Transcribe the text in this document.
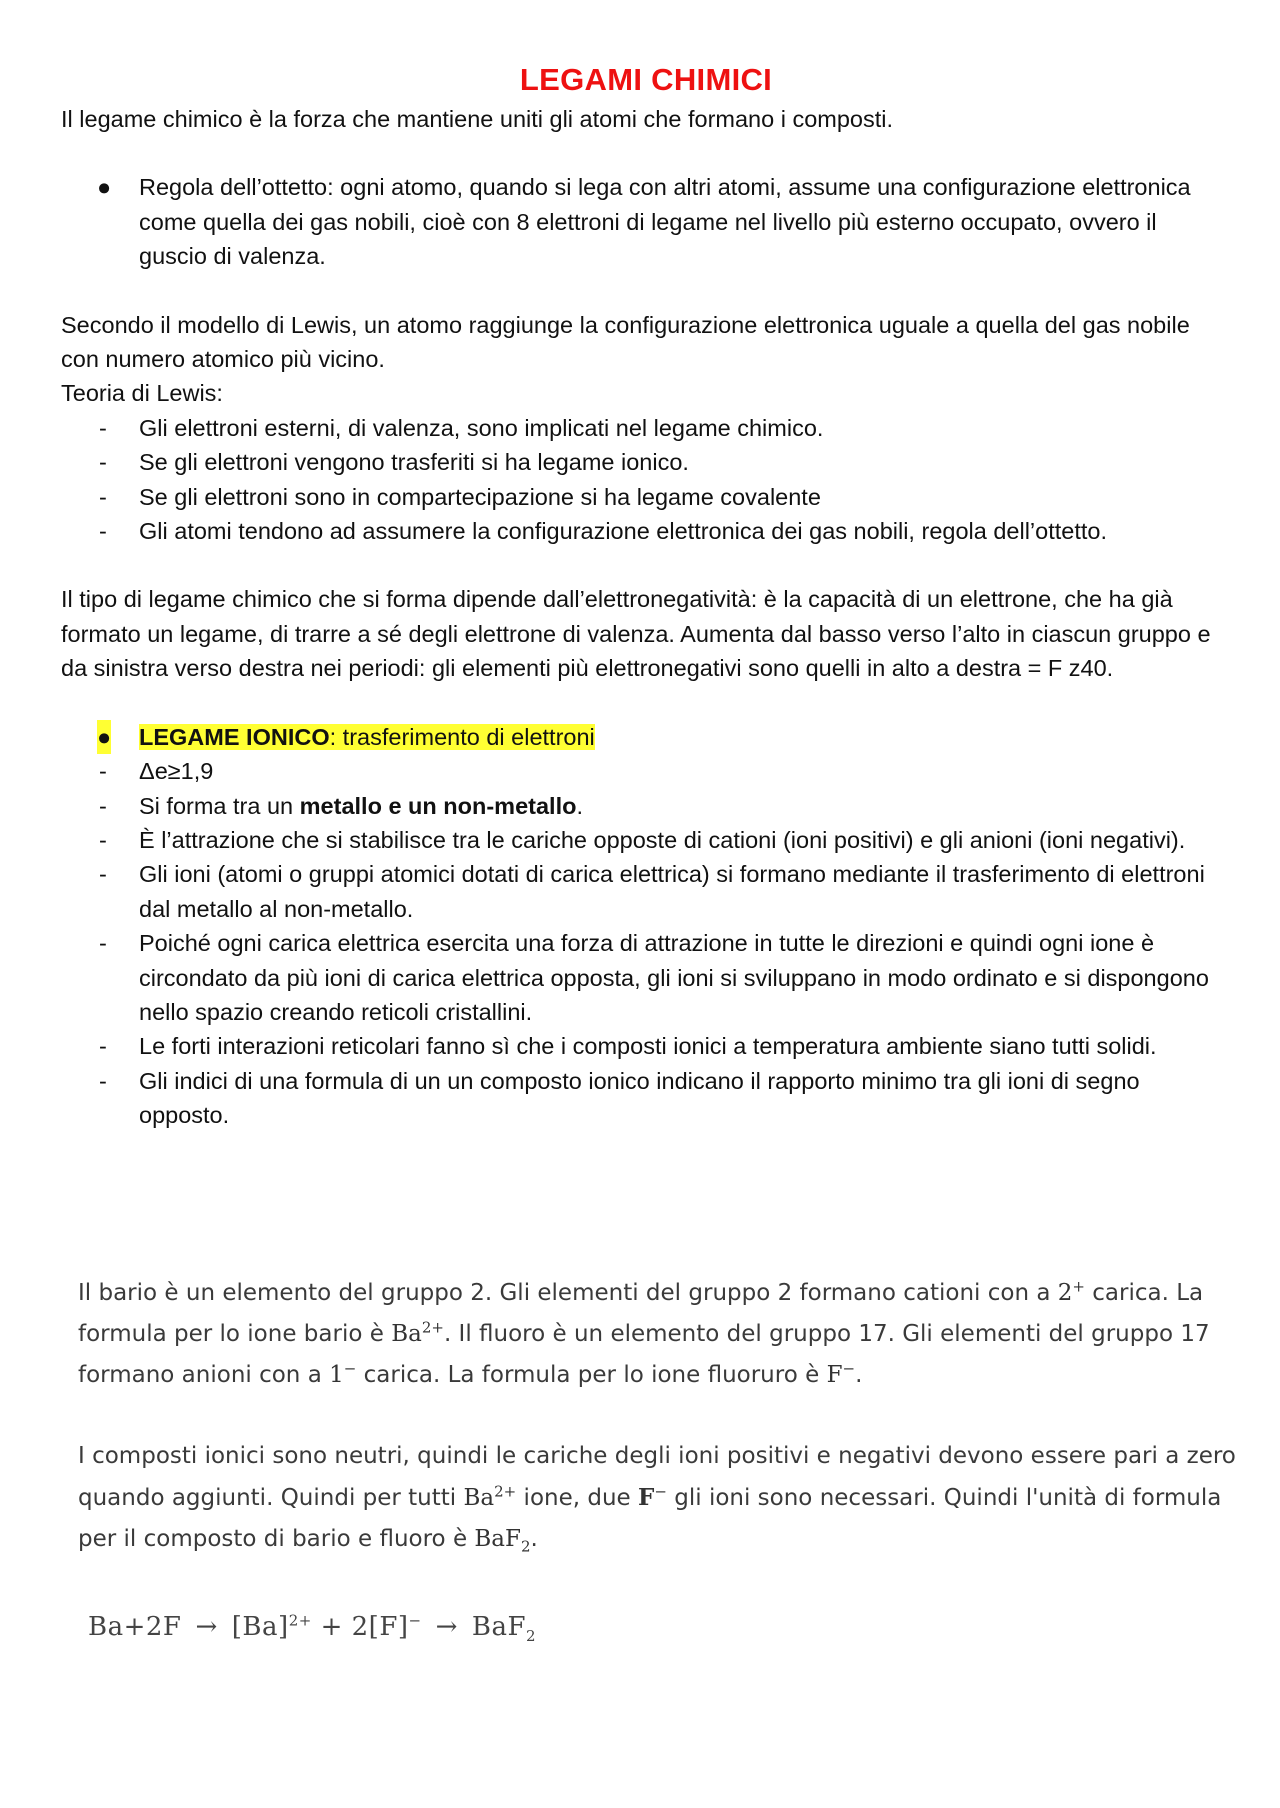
LEGAMI CHIMICI

Il legame chimico è la forza che mantiene uniti gli atomi che formano i composti.

● Regola dell’ottetto: ogni atomo, quando si lega con altri atomi, assume una configurazione elettronica come quella dei gas nobili, cioè con 8 elettroni di legame nel livello più esterno occupato, ovvero il guscio di valenza.

Secondo il modello di Lewis, un atomo raggiunge la configurazione elettronica uguale a quella del gas nobile con numero atomico più vicino.

Teoria di Lewis:

- Gli elettroni esterni, di valenza, sono implicati nel legame chimico.
- Se gli elettroni vengono trasferiti si ha legame ionico.
- Se gli elettroni sono in compartecipazione si ha legame covalente
- Gli atomi tendono ad assumere la configurazione elettronica dei gas nobili, regola dell’ottetto.

Il tipo di legame chimico che si forma dipende dall’elettronegatività: è la capacità di un elettrone, che ha già formato un legame, di trarre a sé degli elettrone di valenza. Aumenta dal basso verso l’alto in ciascun gruppo e da sinistra verso destra nei periodi: gli elementi più elettronegativi sono quelli in alto a destra = F z40.

● LEGAME IONICO: trasferimento di elettroni
- Δe≥1,9
- Si forma tra un metallo e un non-metallo.
- È l’attrazione che si stabilisce tra le cariche opposte di cationi (ioni positivi) e gli anioni (ioni negativi).
- Gli ioni (atomi o gruppi atomici dotati di carica elettrica) si formano mediante il trasferimento di elettroni dal metallo al non-metallo.
- Poiché ogni carica elettrica esercita una forza di attrazione in tutte le direzioni e quindi ogni ione è circondato da più ioni di carica elettrica opposta, gli ioni si sviluppano in modo ordinato e si dispongono nello spazio creando reticoli cristallini.
- Le forti interazioni reticolari fanno sì che i composti ionici a temperatura ambiente siano tutti solidi.
- Gli indici di una formula di un un composto ionico indicano il rapporto minimo tra gli ioni di segno opposto.

Il bario è un elemento del gruppo 2. Gli elementi del gruppo 2 formano cationi con a 2+ carica. La formula per lo ione bario è $Ba^{2+}$. Il fluoro è un elemento del gruppo 17. Gli elementi del gruppo 17 formano anioni con a 1− carica. La formula per lo ione fluoruro è F−.

I composti ionici sono neutri, quindi le cariche degli ioni positivi e negativi devono essere pari a zero quando aggiunti. Quindi per tutti $Ba^{2+}$ ione, due F− gli ioni sono necessari. Quindi l'unità di formula per il composto di bario e fluoro è BaF$_2$.

$Ba+2F \to [Ba]^{2+} + 2[F]^- \to BaF_2$
